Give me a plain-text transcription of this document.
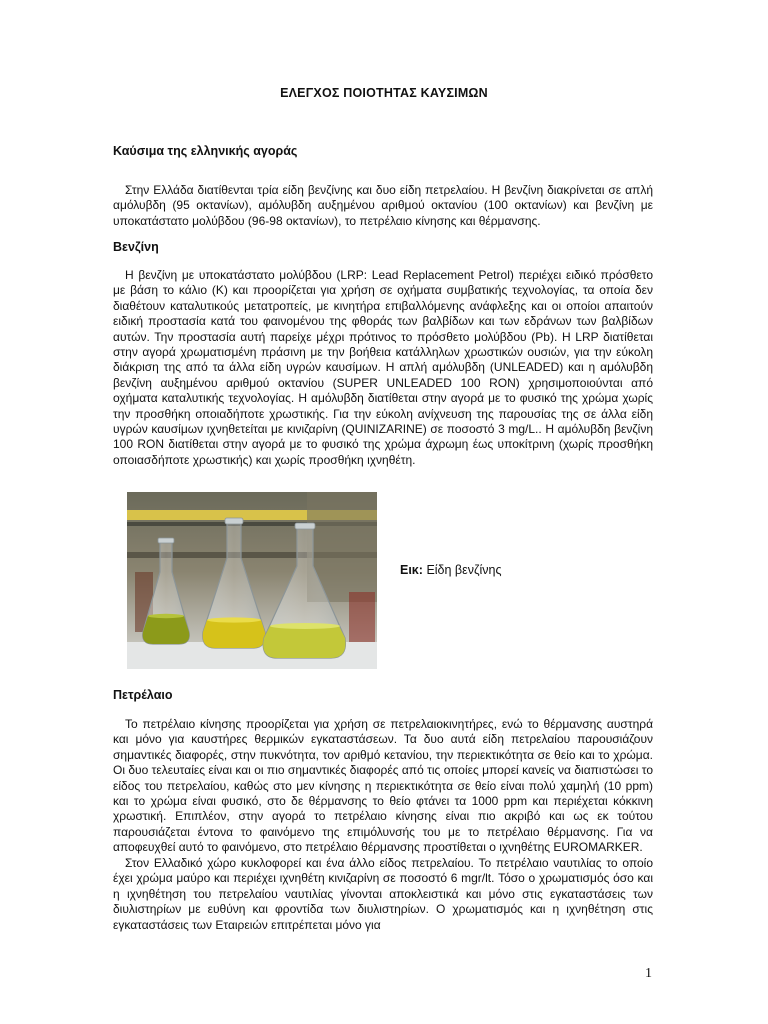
ΕΛΕΓΧΟΣ ΠΟΙΟΤΗΤΑΣ ΚΑΥΣΙΜΩΝ
Καύσιμα της ελληνικής αγοράς

Στην Ελλάδα διατίθενται τρία είδη βενζίνης και δυο είδη πετρελαίου. Η βενζίνη διακρίνεται σε απλή αμόλυβδη (95 οκτανίων), αμόλυβδη αυξημένου αριθμού οκτανίου (100 οκτανίων) και βενζίνη με υποκατάστατο μολύβδου (96-98 οκτανίων), το πετρέλαιο κίνησης και θέρμανσης.

Βενζίνη

Η βενζίνη με υποκατάστατο μολύβδου (LRP: Lead Replacement Petrol) περιέχει ειδικό πρόσθετο με βάση το κάλιο (K) και προορίζεται για χρήση σε οχήματα συμβατικής τεχνολογίας, τα οποία δεν διαθέτουν καταλυτικούς μετατροπείς, με κινητήρα επιβαλλόμενης ανάφλεξης και οι οποίοι απαιτούν ειδική προστασία κατά του φαινομένου της φθοράς των βαλβίδων και των εδράνων των βαλβίδων αυτών. Την προστασία αυτή παρείχε μέχρι πρότινος το πρόσθετο μολύβδου (Pb). Η LRP διατίθεται στην αγορά χρωματισμένη πράσινη με την βοήθεια κατάλληλων χρωστικών ουσιών, για την εύκολη διάκριση της από τα άλλα είδη υγρών καυσίμων. Η απλή αμόλυβδη (UNLEADED) και η αμόλυβδη βενζίνη αυξημένου αριθμού οκτανίου (SUPER UNLEADED 100 RON) χρησιμοποιούνται από οχήματα καταλυτικής τεχνολογίας. Η αμόλυβδη διατίθεται στην αγορά με το φυσικό της χρώμα χωρίς την προσθήκη οποιαδήποτε χρωστικής. Για την εύκολη ανίχνευση της παρουσίας της σε άλλα είδη υγρών καυσίμων ιχνηθετείται με κινιζαρίνη (QUINIZARINE) σε ποσοστό 3 mg/L.. Η αμόλυβδη βενζίνη 100 RON διατίθεται στην αγορά με το φυσικό της χρώμα άχρωμη έως υποκίτρινη (χωρίς προσθήκη οποιασδήποτε χρωστικής) και χωρίς προσθήκη ιχνηθέτη.

Εικ: Είδη βενζίνης
Πετρέλαιο

Το πετρέλαιο κίνησης προορίζεται για χρήση σε πετρελαιοκινητήρες, ενώ το θέρμανσης αυστηρά και μόνο για καυστήρες θερμικών εγκαταστάσεων. Τα δυο αυτά είδη πετρελαίου παρουσιάζουν σημαντικές διαφορές, στην πυκνότητα, τον αριθμό κετανίου, την περιεκτικότητα σε θείο και το χρώμα. Οι δυο τελευταίες είναι και οι πιο σημαντικές διαφορές από τις οποίες μπορεί κανείς να διαπιστώσει το είδος του πετρελαίου, καθώς στο μεν κίνησης η περιεκτικότητα σε θείο είναι πολύ χαμηλή (10 ppm) και το χρώμα είναι φυσικό, στο δε θέρμανσης το θείο φτάνει τα 1000 ppm και περιέχεται κόκκινη χρωστική. Επιπλέον, στην αγορά το πετρέλαιο κίνησης είναι πιο ακριβό και ως εκ τούτου παρουσιάζεται έντονα το φαινόμενο της επιμόλυνσής του με το πετρέλαιο θέρμανσης. Για να αποφευχθεί αυτό το φαινόμενο, στο πετρέλαιο θέρμανσης προστίθεται ο ιχνηθέτης EUROMARKER.

Στον Ελλαδικό χώρο κυκλοφορεί και ένα άλλο είδος πετρελαίου. Το πετρέλαιο ναυτιλίας το οποίο έχει χρώμα μαύρο και περιέχει ιχνηθέτη κινιζαρίνη σε ποσοστό 6 mgr/lt. Τόσο ο χρωματισμός όσο και η ιχνηθέτηση του πετρελαίου ναυτιλίας γίνονται αποκλειστικά και μόνο στις εγκαταστάσεις των διυλιστηρίων με ευθύνη και φροντίδα των διυλιστηρίων. Ο χρωματισμός και η ιχνηθέτηση στις εγκαταστάσεις των Εταιρειών επιτρέπεται μόνο για

1
